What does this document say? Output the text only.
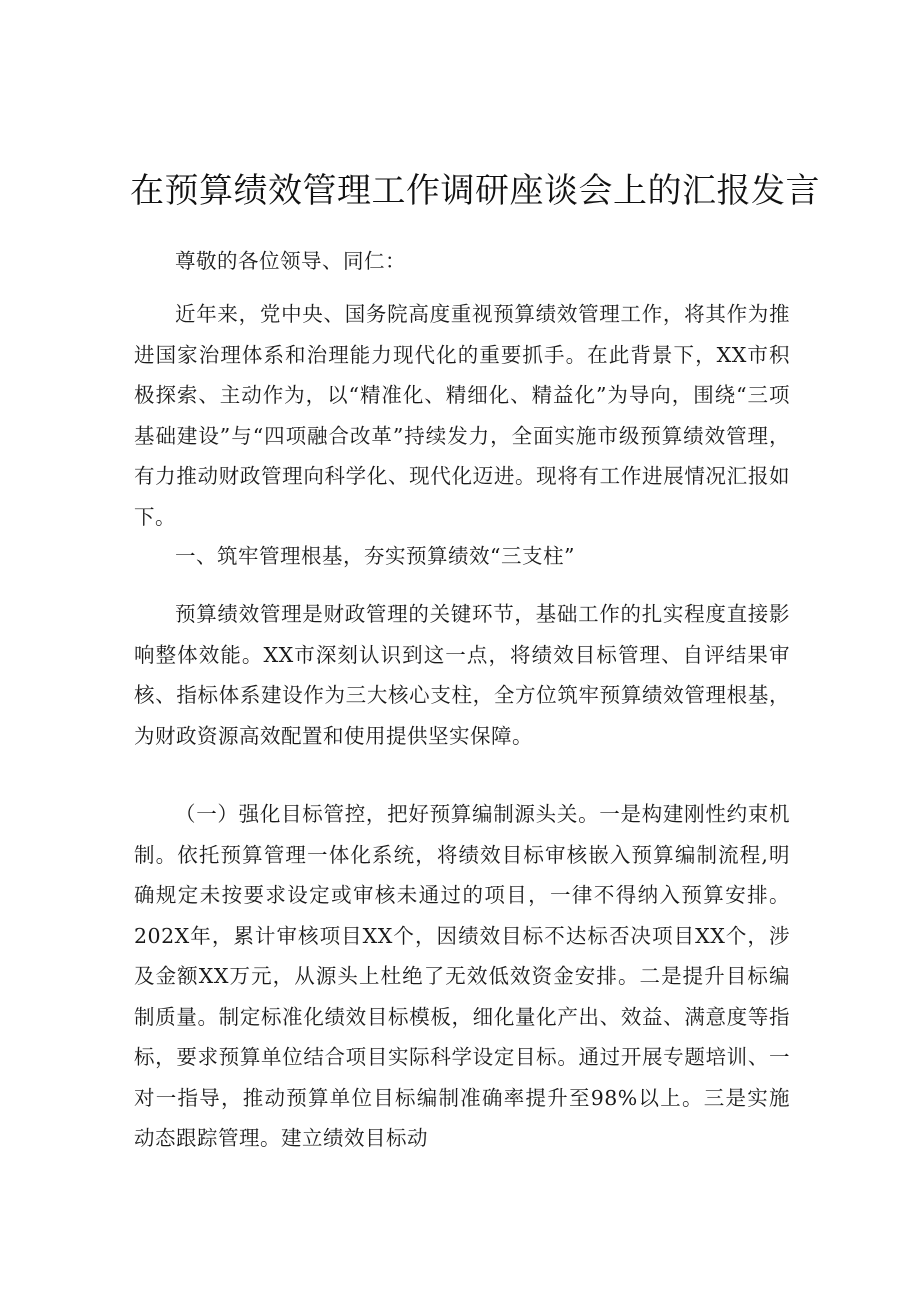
在预算绩效管理工作调研座谈会上的汇报发言

尊敬的各位领导、同仁：

近年来，党中央、国务院高度重视预算绩效管理工作，将其作为推进国家治理体系和治理能力现代化的重要抓手。在此背景下，XX市积极探索、主动作为，以“精准化、精细化、精益化”为导向，围绕“三项基础建设”与“四项融合改革”持续发力，全面实施市级预算绩效管理，有力推动财政管理向科学化、现代化迈进。现将有工作进展情况汇报如下。

一、筑牢管理根基，夯实预算绩效“三支柱”

预算绩效管理是财政管理的关键环节，基础工作的扎实程度直接影响整体效能。XX市深刻认识到这一点，将绩效目标管理、自评结果审核、指标体系建设作为三大核心支柱，全方位筑牢预算绩效管理根基，为财政资源高效配置和使用提供坚实保障。

（一）强化目标管控，把好预算编制源头关。一是构建刚性约束机制。依托预算管理一体化系统，将绩效目标审核嵌入预算编制流程,明确规定未按要求设定或审核未通过的项目，一律不得纳入预算安排。202X年，累计审核项目XX个，因绩效目标不达标否决项目XX个，涉及金额XX万元，从源头上杜绝了无效低效资金安排。二是提升目标编制质量。制定标准化绩效目标模板，细化量化产出、效益、满意度等指标，要求预算单位结合项目实际科学设定目标。通过开展专题培训、一对一指导，推动预算单位目标编制准确率提升至98%以上。三是实施动态跟踪管理。建立绩效目标动
